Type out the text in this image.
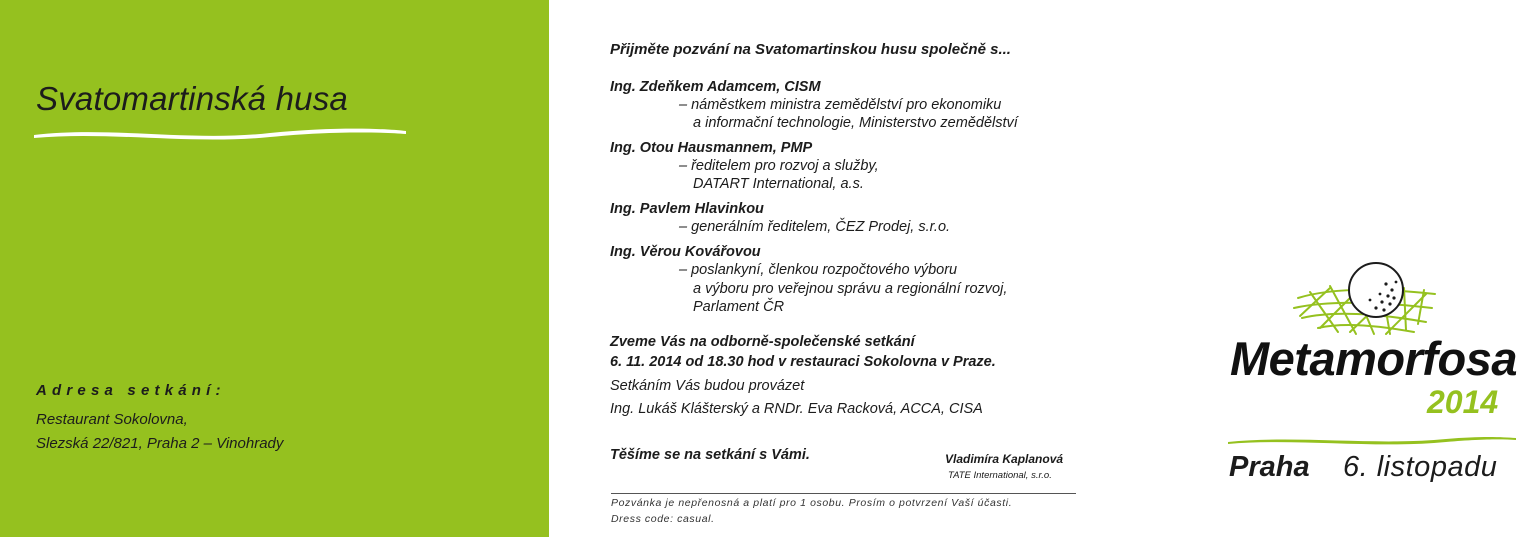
Svatomartinská husa
Adresa setkání:
Restaurant Sokolovna,
Slezská 22/821, Praha 2 – Vinohrady
Přijměte pozvání na Svatomartinskou husu společně s...
Ing. Zdeňkem Adamcem, CISM
– náměstkem ministra zemědělství pro ekonomiku
a informační technologie, Ministerstvo zemědělství
Ing. Otou Hausmannem, PMP
– ředitelem pro rozvoj a služby,
DATART International, a.s.
Ing. Pavlem Hlavinkou
– generálním ředitelem, ČEZ Prodej, s.r.o.
Ing. Věrou Kovářovou
– poslankyní, členkou rozpočtového výboru
a výboru pro veřejnou správu a regionální rozvoj,
Parlament ČR
Zveme Vás na odborně-společenské setkání
6. 11. 2014 od 18.30 hod v restauraci Sokolovna v Praze.
Setkáním Vás budou provázet
Ing. Lukáš Klášterský a RNDr. Eva Racková, ACCA, CISA
Těšíme se na setkání s Vámi.	Vladimíra Kaplanová
TATE International, s.r.o.
Pozvánka je nepřenosná a platí pro 1 osobu. Prosím o potvrzení Vaší účasti.
Dress code: casual.
Metamorfosa
2014
Praha 6. listopadu
